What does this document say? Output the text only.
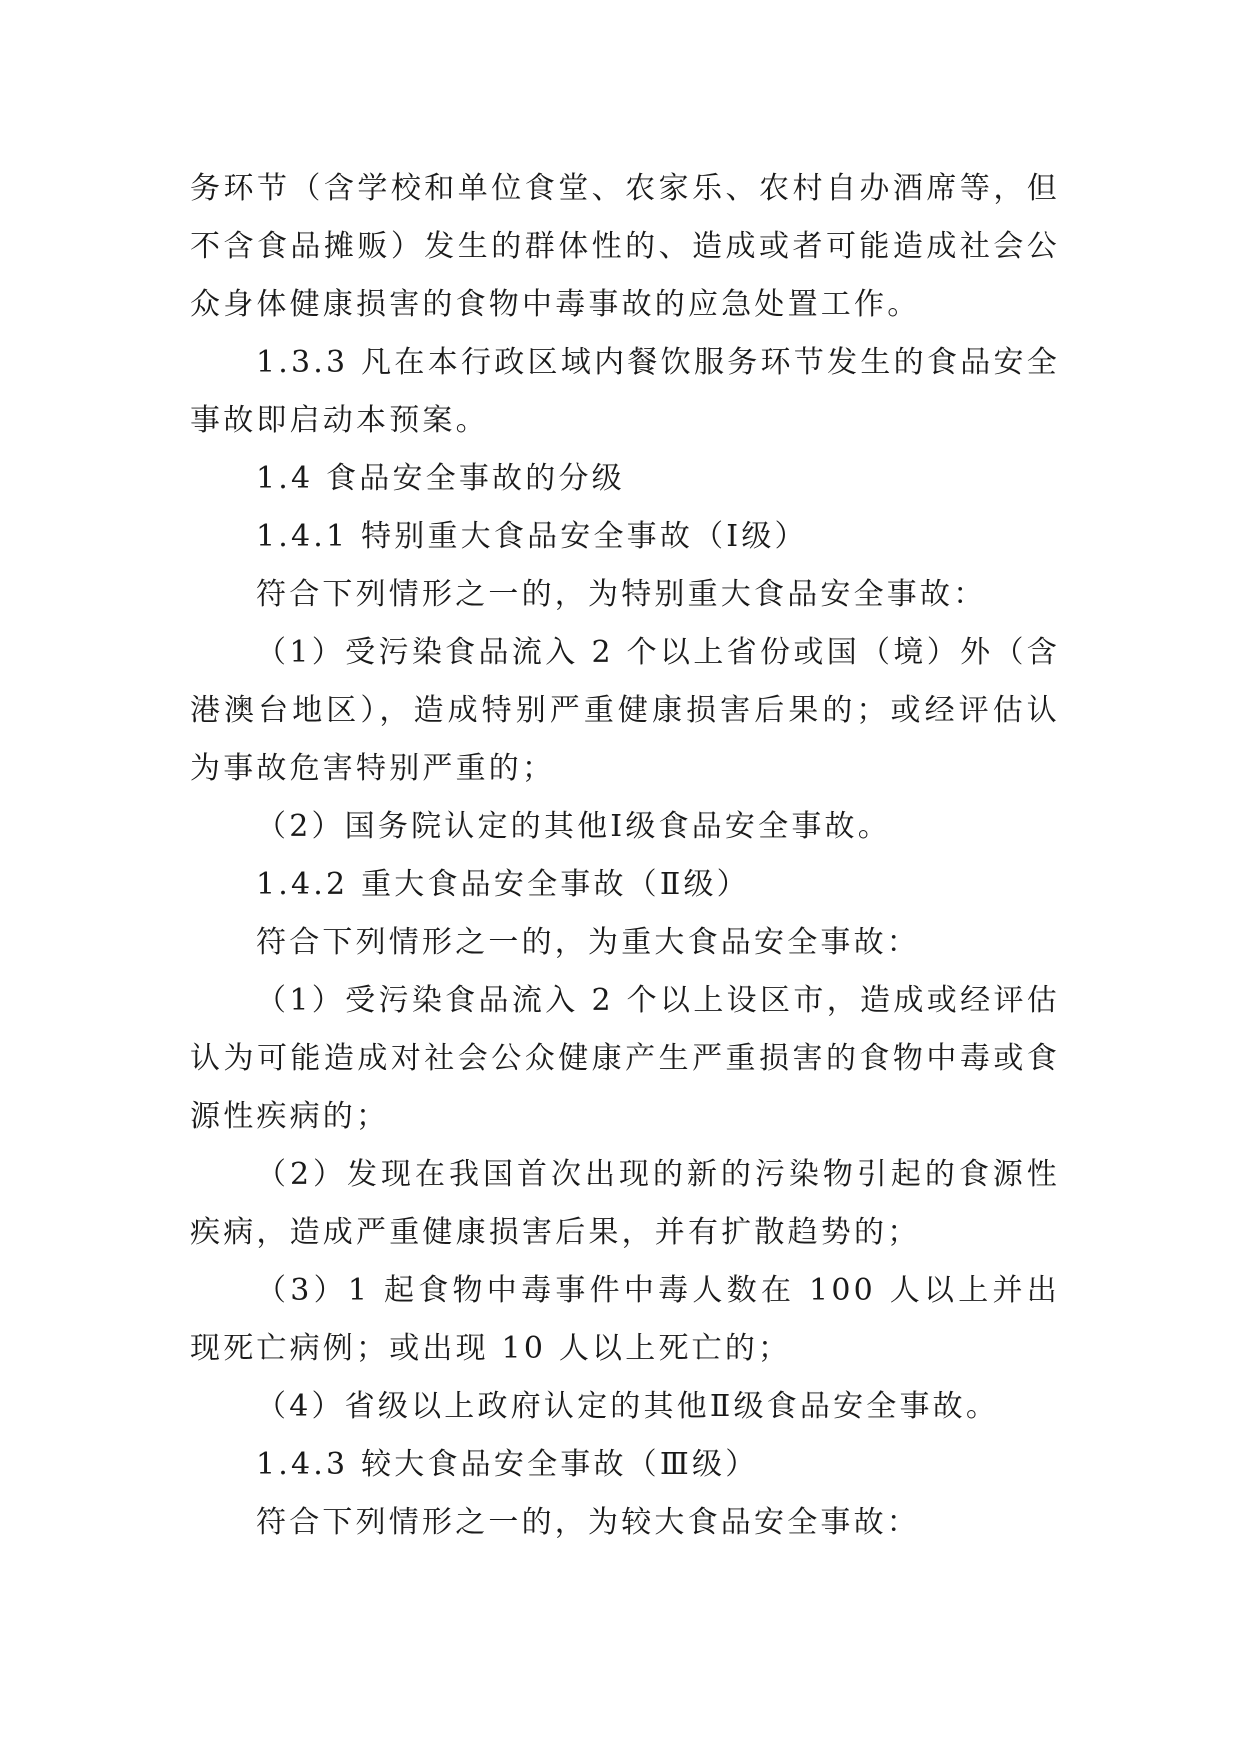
务环节（含学校和单位食堂、农家乐、农村自办酒席等，但不含食品摊贩）发生的群体性的、造成或者可能造成社会公众身体健康损害的食物中毒事故的应急处置工作。

1.3.3 凡在本行政区域内餐饮服务环节发生的食品安全事故即启动本预案。

1.4 食品安全事故的分级

1.4.1 特别重大食品安全事故（Ⅰ级）

符合下列情形之一的，为特别重大食品安全事故：

（1）受污染食品流入 2 个以上省份或国（境）外（含港澳台地区），造成特别严重健康损害后果的；或经评估认为事故危害特别严重的；

（2）国务院认定的其他Ⅰ级食品安全事故。

1.4.2 重大食品安全事故（Ⅱ级）

符合下列情形之一的，为重大食品安全事故：

（1）受污染食品流入 2 个以上设区市，造成或经评估认为可能造成对社会公众健康产生严重损害的食物中毒或食源性疾病的；

（2）发现在我国首次出现的新的污染物引起的食源性疾病，造成严重健康损害后果，并有扩散趋势的；

（3）1 起食物中毒事件中毒人数在 100 人以上并出现死亡病例；或出现 10 人以上死亡的；

（4）省级以上政府认定的其他Ⅱ级食品安全事故。

1.4.3 较大食品安全事故（Ⅲ级）

符合下列情形之一的，为较大食品安全事故：
